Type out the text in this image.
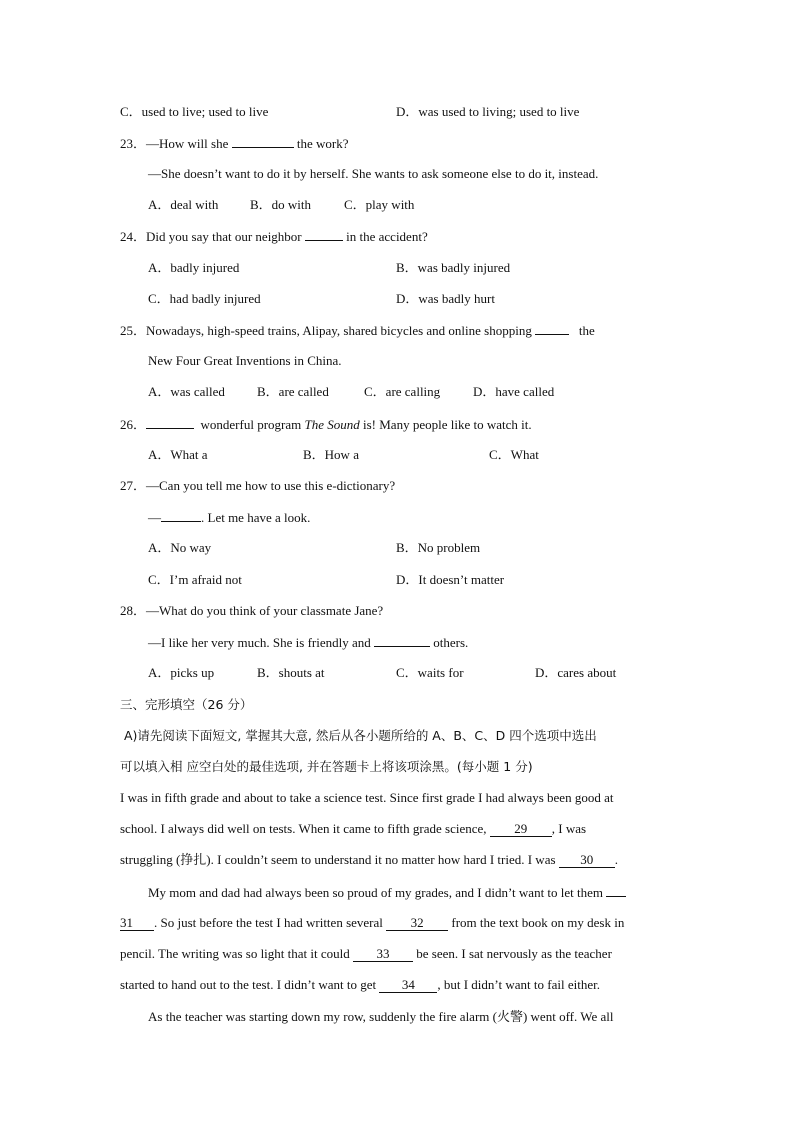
C．used to live; used to live	D．was used to living; used to live
23．—How will she	the work?
—She doesn’t want to do it by herself. She wants to ask someone else to do it, instead.
A．deal with B．do with	C．play with
24．Did you say that our neighbor	in the accident?
A．badly injured	B．was badly injured
C．had badly injured	D．was badly hurt
25．Nowadays, high-speed trains, Alipay, shared bicycles and online shopping	the
New Four Great Inventions in China.
A．was called B．are called	C．are calling	D．have called
26．	wonderful program The Sound is! Many people like to watch it.
A．What a	B．How a	C．What
27．—Can you tell me how to use this e-dictionary?
—	. Let me have a look.
A．No way	B．No problem
C．I’m afraid not	D．It doesn’t matter
28．—What do you think of your classmate Jane?
—I like her very much. She is friendly and	others.
A．picks up	B．shouts at	C．waits for	D．cares about
三、完形填空（26 分）
A)请先阅读下面短文, 掌握其大意, 然后从各小题所给的 A、B、C、D 四个选项中选出
可以填入相 应空白处的最佳选项, 并在答题卡上将该项涂黑。(每小题 1 分)
I was in fifth grade and about to take a science test. Since first grade I had always been good at
school. I always did well on tests. When it came to fifth grade science, 29 , I was
struggling (挣扎). I couldn’t seem to understand it no matter how hard I tried. I was 30 .
My mom and dad had always been so proud of my grades, and I didn’t want to let them
31 . So just before the test I had written several 32 from the text book on my desk in
pencil. The writing was so light that it could 33 be seen. I sat nervously as the teacher
started to hand out to the test. I didn’t want to get 34 , but I didn’t want to fail either.
As the teacher was starting down my row, suddenly the fire alarm (火警) went off. We all
